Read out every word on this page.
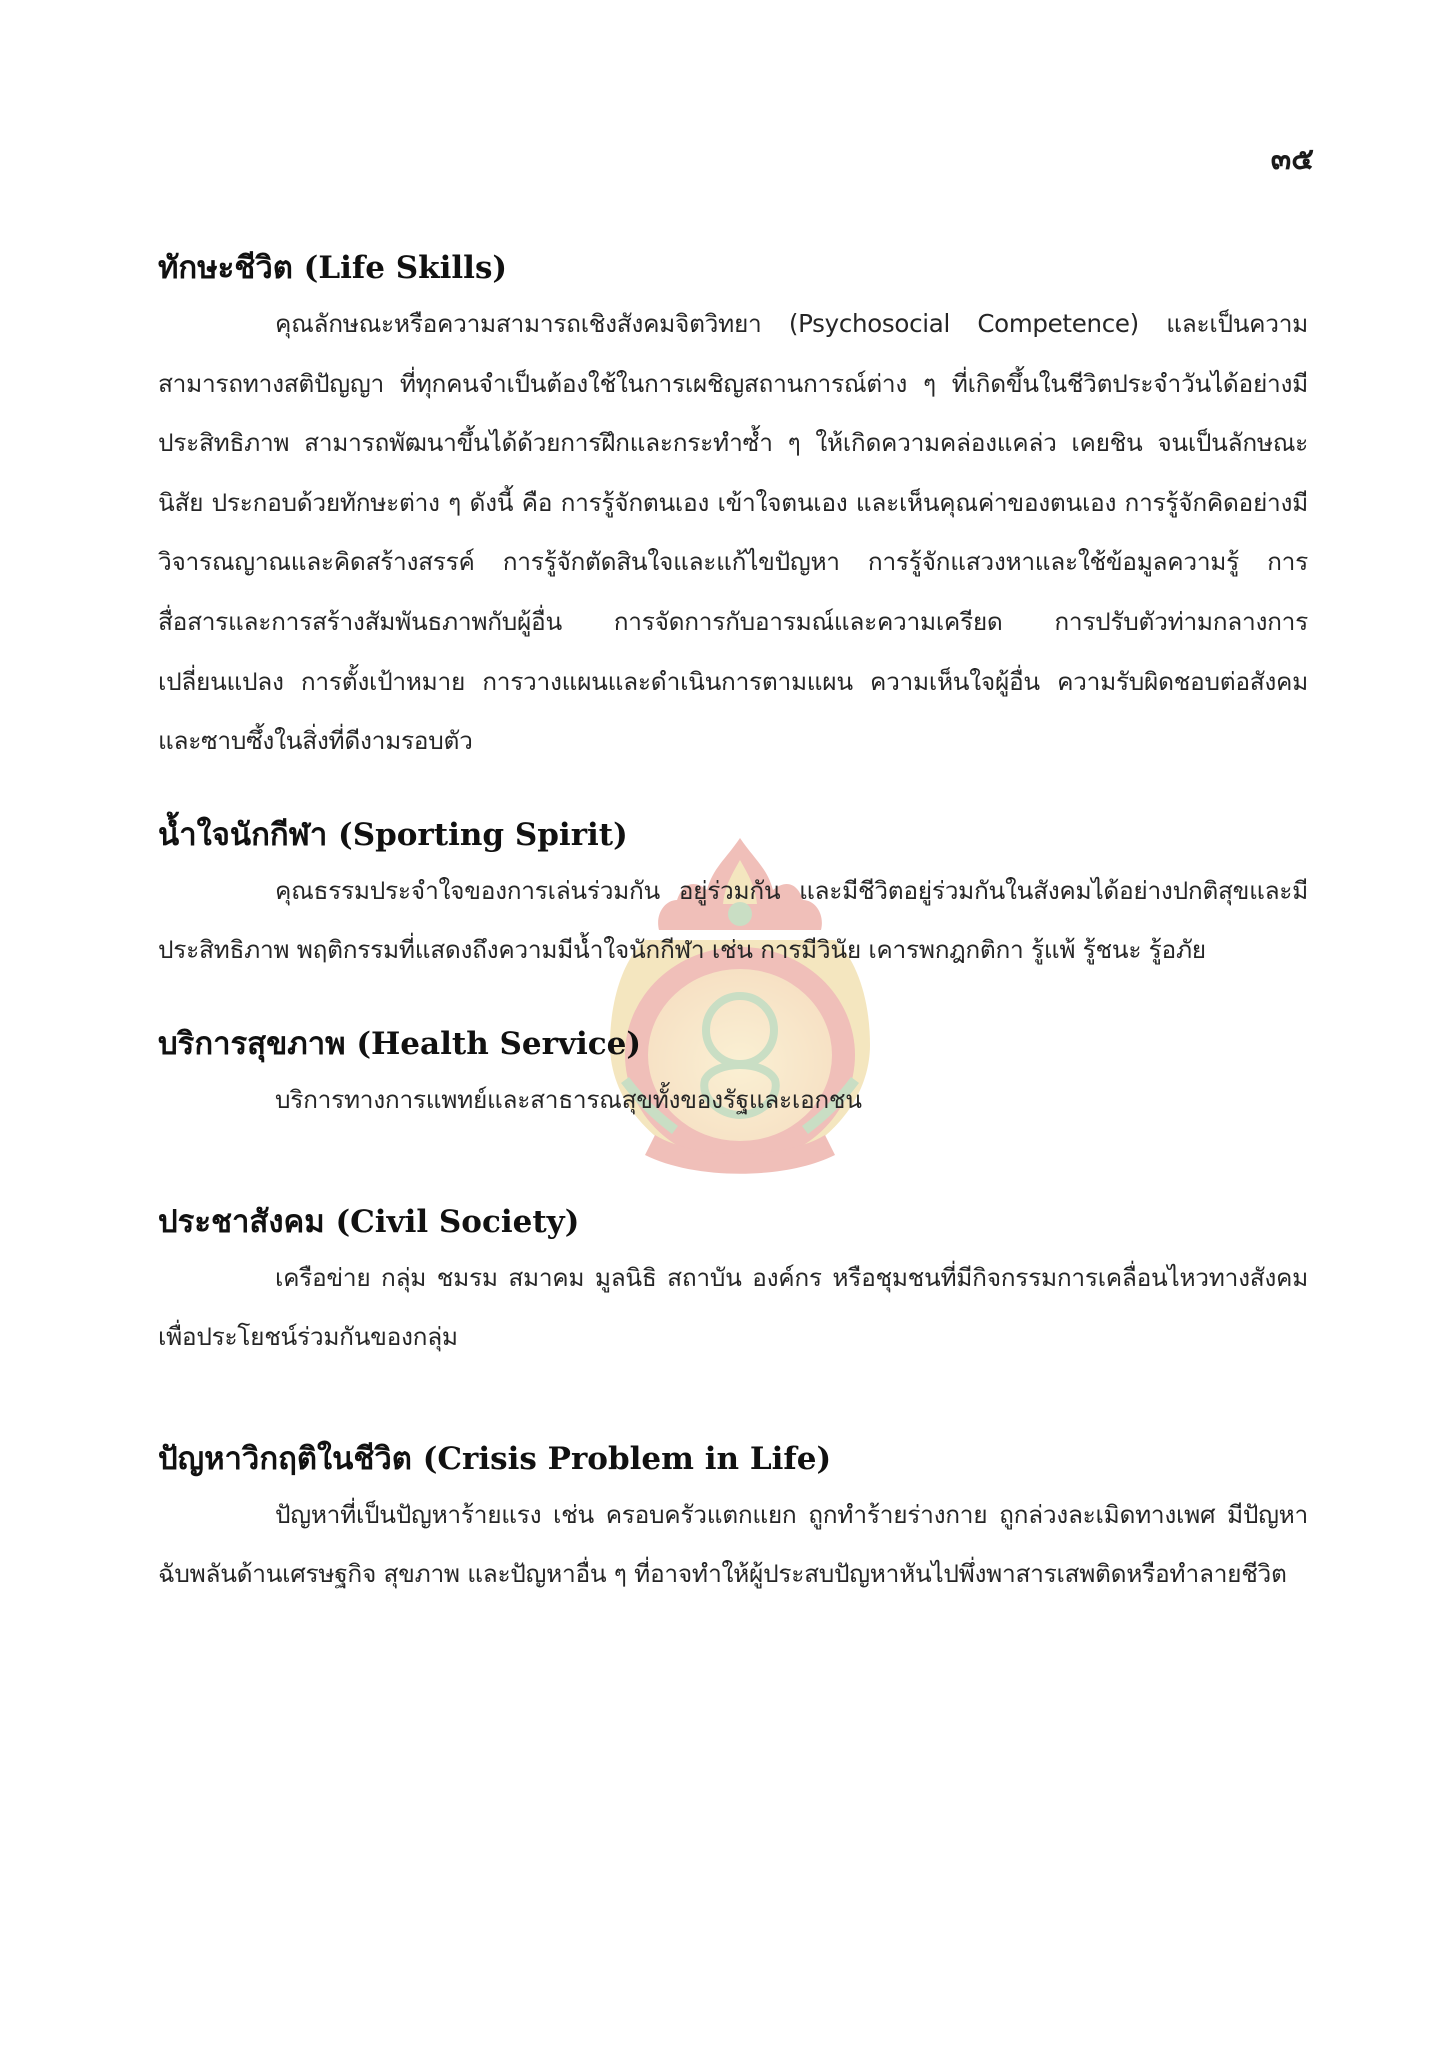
๓๕
ทักษะชีวิต (Life Skills)

คุณลักษณะหรือความสามารถเชิงสังคมจิตวิทยา (Psychosocial Competence) และเป็นความสามารถทางสติปัญญา ที่ทุกคนจำเป็นต้องใช้ในการเผชิญสถานการณ์ต่าง ๆ ที่เกิดขึ้นในชีวิตประจำวันได้อย่างมีประสิทธิภาพ สามารถพัฒนาขึ้นได้ด้วยการฝึกและกระทำซ้ำ ๆ ให้เกิดความคล่องแคล่ว เคยชิน จนเป็นลักษณะนิสัย ประกอบด้วยทักษะต่าง ๆ ดังนี้ คือ การรู้จักตนเอง เข้าใจตนเอง และเห็นคุณค่าของตนเอง การรู้จักคิดอย่างมีวิจารณญาณและคิดสร้างสรรค์ การรู้จักตัดสินใจและแก้ไขปัญหา การรู้จักแสวงหาและใช้ข้อมูลความรู้ การสื่อสารและการสร้างสัมพันธภาพกับผู้อื่น การจัดการกับอารมณ์และความเครียด การปรับตัวท่ามกลางการเปลี่ยนแปลง การตั้งเป้าหมาย การวางแผนและดำเนินการตามแผน ความเห็นใจผู้อื่น ความรับผิดชอบต่อสังคม และซาบซึ้งในสิ่งที่ดีงามรอบตัว

น้ำใจนักกีฬา (Sporting Spirit)

คุณธรรมประจำใจของการเล่นร่วมกัน อยู่ร่วมกัน และมีชีวิตอยู่ร่วมกันในสังคมได้อย่างปกติสุขและมีประสิทธิภาพ พฤติกรรมที่แสดงถึงความมีน้ำใจนักกีฬา เช่น การมีวินัย เคารพกฎกติกา รู้แพ้ รู้ชนะ รู้อภัย

บริการสุขภาพ (Health Service)

บริการทางการแพทย์และสาธารณสุขทั้งของรัฐและเอกชน

ประชาสังคม (Civil Society)

เครือข่าย กลุ่ม ชมรม สมาคม มูลนิธิ สถาบัน องค์กร หรือชุมชนที่มีกิจกรรมการเคลื่อนไหวทางสังคม เพื่อประโยชน์ร่วมกันของกลุ่ม

ปัญหาวิกฤติในชีวิต (Crisis Problem in Life)

ปัญหาที่เป็นปัญหาร้ายแรง เช่น ครอบครัวแตกแยก ถูกทำร้ายร่างกาย ถูกล่วงละเมิดทางเพศ มีปัญหาฉับพลันด้านเศรษฐกิจ สุขภาพ และปัญหาอื่น ๆ ที่อาจทำให้ผู้ประสบปัญหาหันไปพึ่งพาสารเสพติดหรือทำลายชีวิต
